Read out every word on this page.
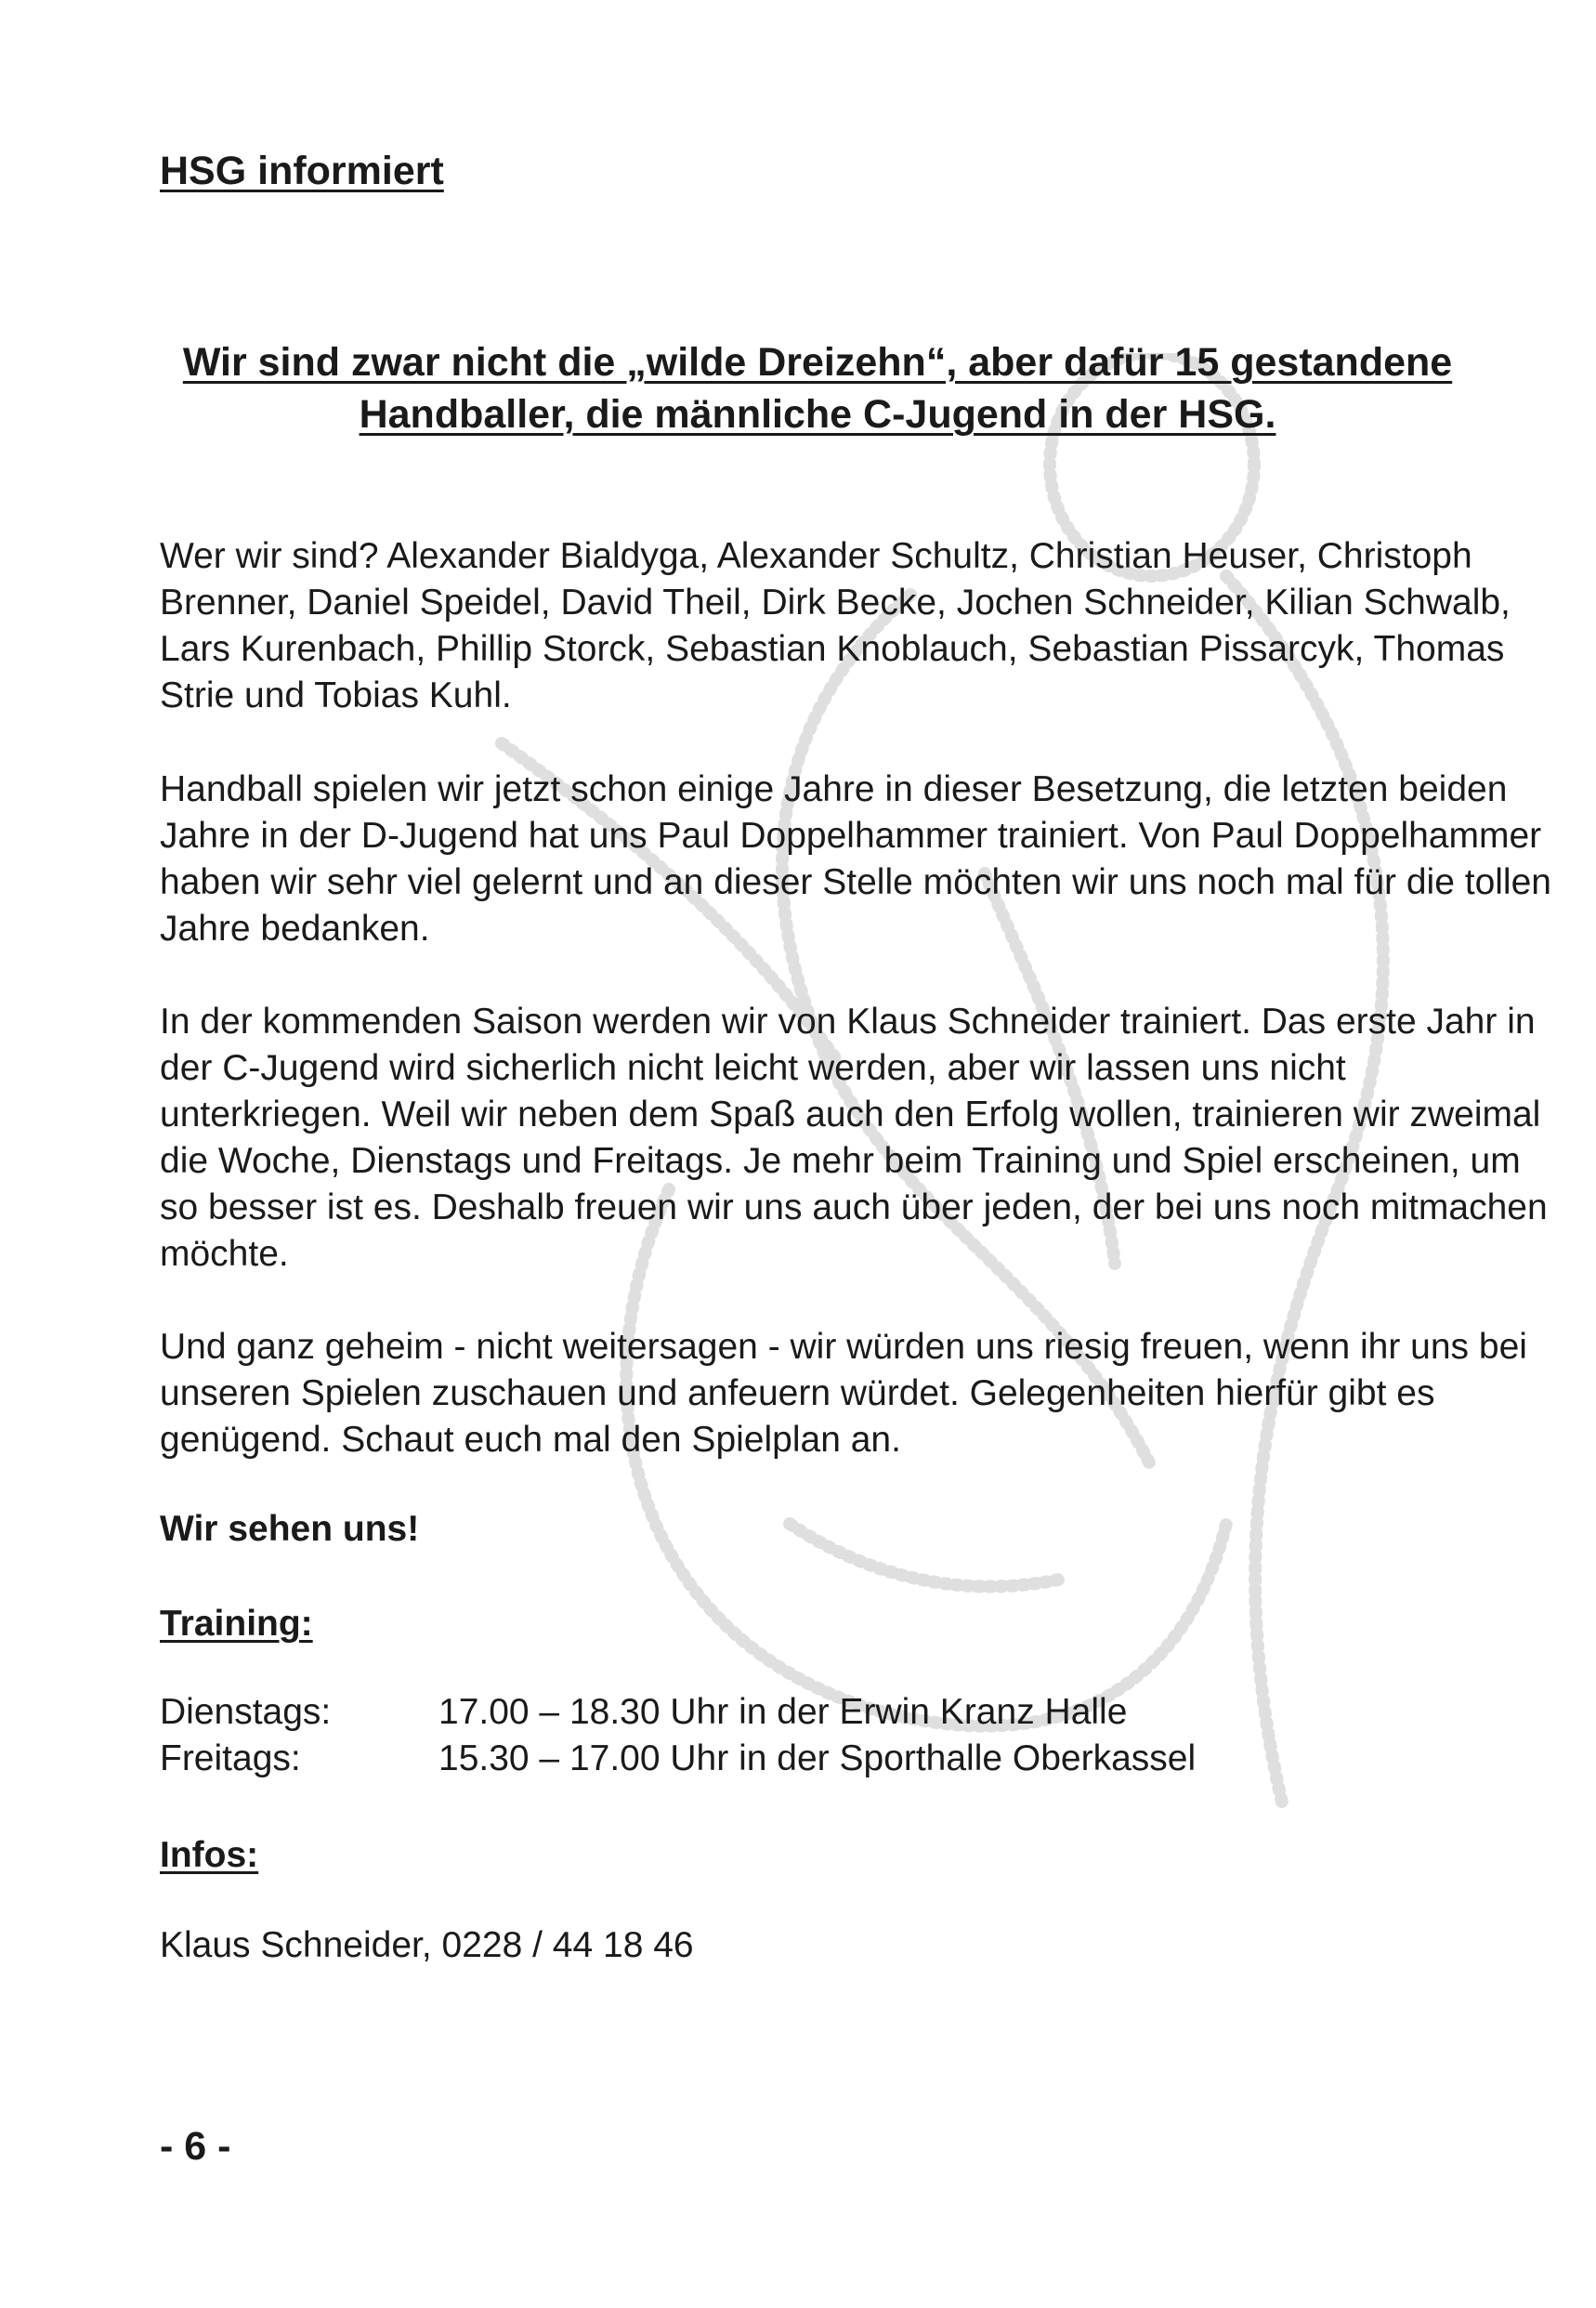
HSG informiert
Wir sind zwar nicht die „wilde Dreizehn“, aber dafür 15 gestandene
Handballer, die männliche C-Jugend in der HSG.

Wer wir sind? Alexander Bialdyga, Alexander Schultz, Christian Heuser, Christoph Brenner, Daniel Speidel, David Theil, Dirk Becke, Jochen Schneider, Kilian Schwalb, Lars Kurenbach, Phillip Storck, Sebastian Knoblauch, Sebastian Pissarcyk, Thomas Strie und Tobias Kuhl.

Handball spielen wir jetzt schon einige Jahre in dieser Besetzung, die letzten beiden Jahre in der D-Jugend hat uns Paul Doppelhammer trainiert. Von Paul Doppelhammer haben wir sehr viel gelernt und an dieser Stelle möchten wir uns noch mal für die tollen Jahre bedanken.

In der kommenden Saison werden wir von Klaus Schneider trainiert. Das erste Jahr in der C-Jugend wird sicherlich nicht leicht werden, aber wir lassen uns nicht unterkriegen. Weil wir neben dem Spaß auch den Erfolg wollen, trainieren wir zweimal die Woche, Dienstags und Freitags. Je mehr beim Training und Spiel erscheinen, um so besser ist es. Deshalb freuen wir uns auch über jeden, der bei uns noch mitmachen möchte.

Und ganz geheim - nicht weitersagen - wir würden uns riesig freuen, wenn ihr uns bei unseren Spielen zuschauen und anfeuern würdet. Gelegenheiten hierfür gibt es genügend. Schaut euch mal den Spielplan an.

Wir sehen uns!
Training:
Dienstags:	17.00 – 18.30 Uhr in der Erwin Kranz Halle
Freitags:	15.30 – 17.00 Uhr in der Sporthalle Oberkassel
Infos:
Klaus Schneider, 0228 / 44 18 46
- 6 -
